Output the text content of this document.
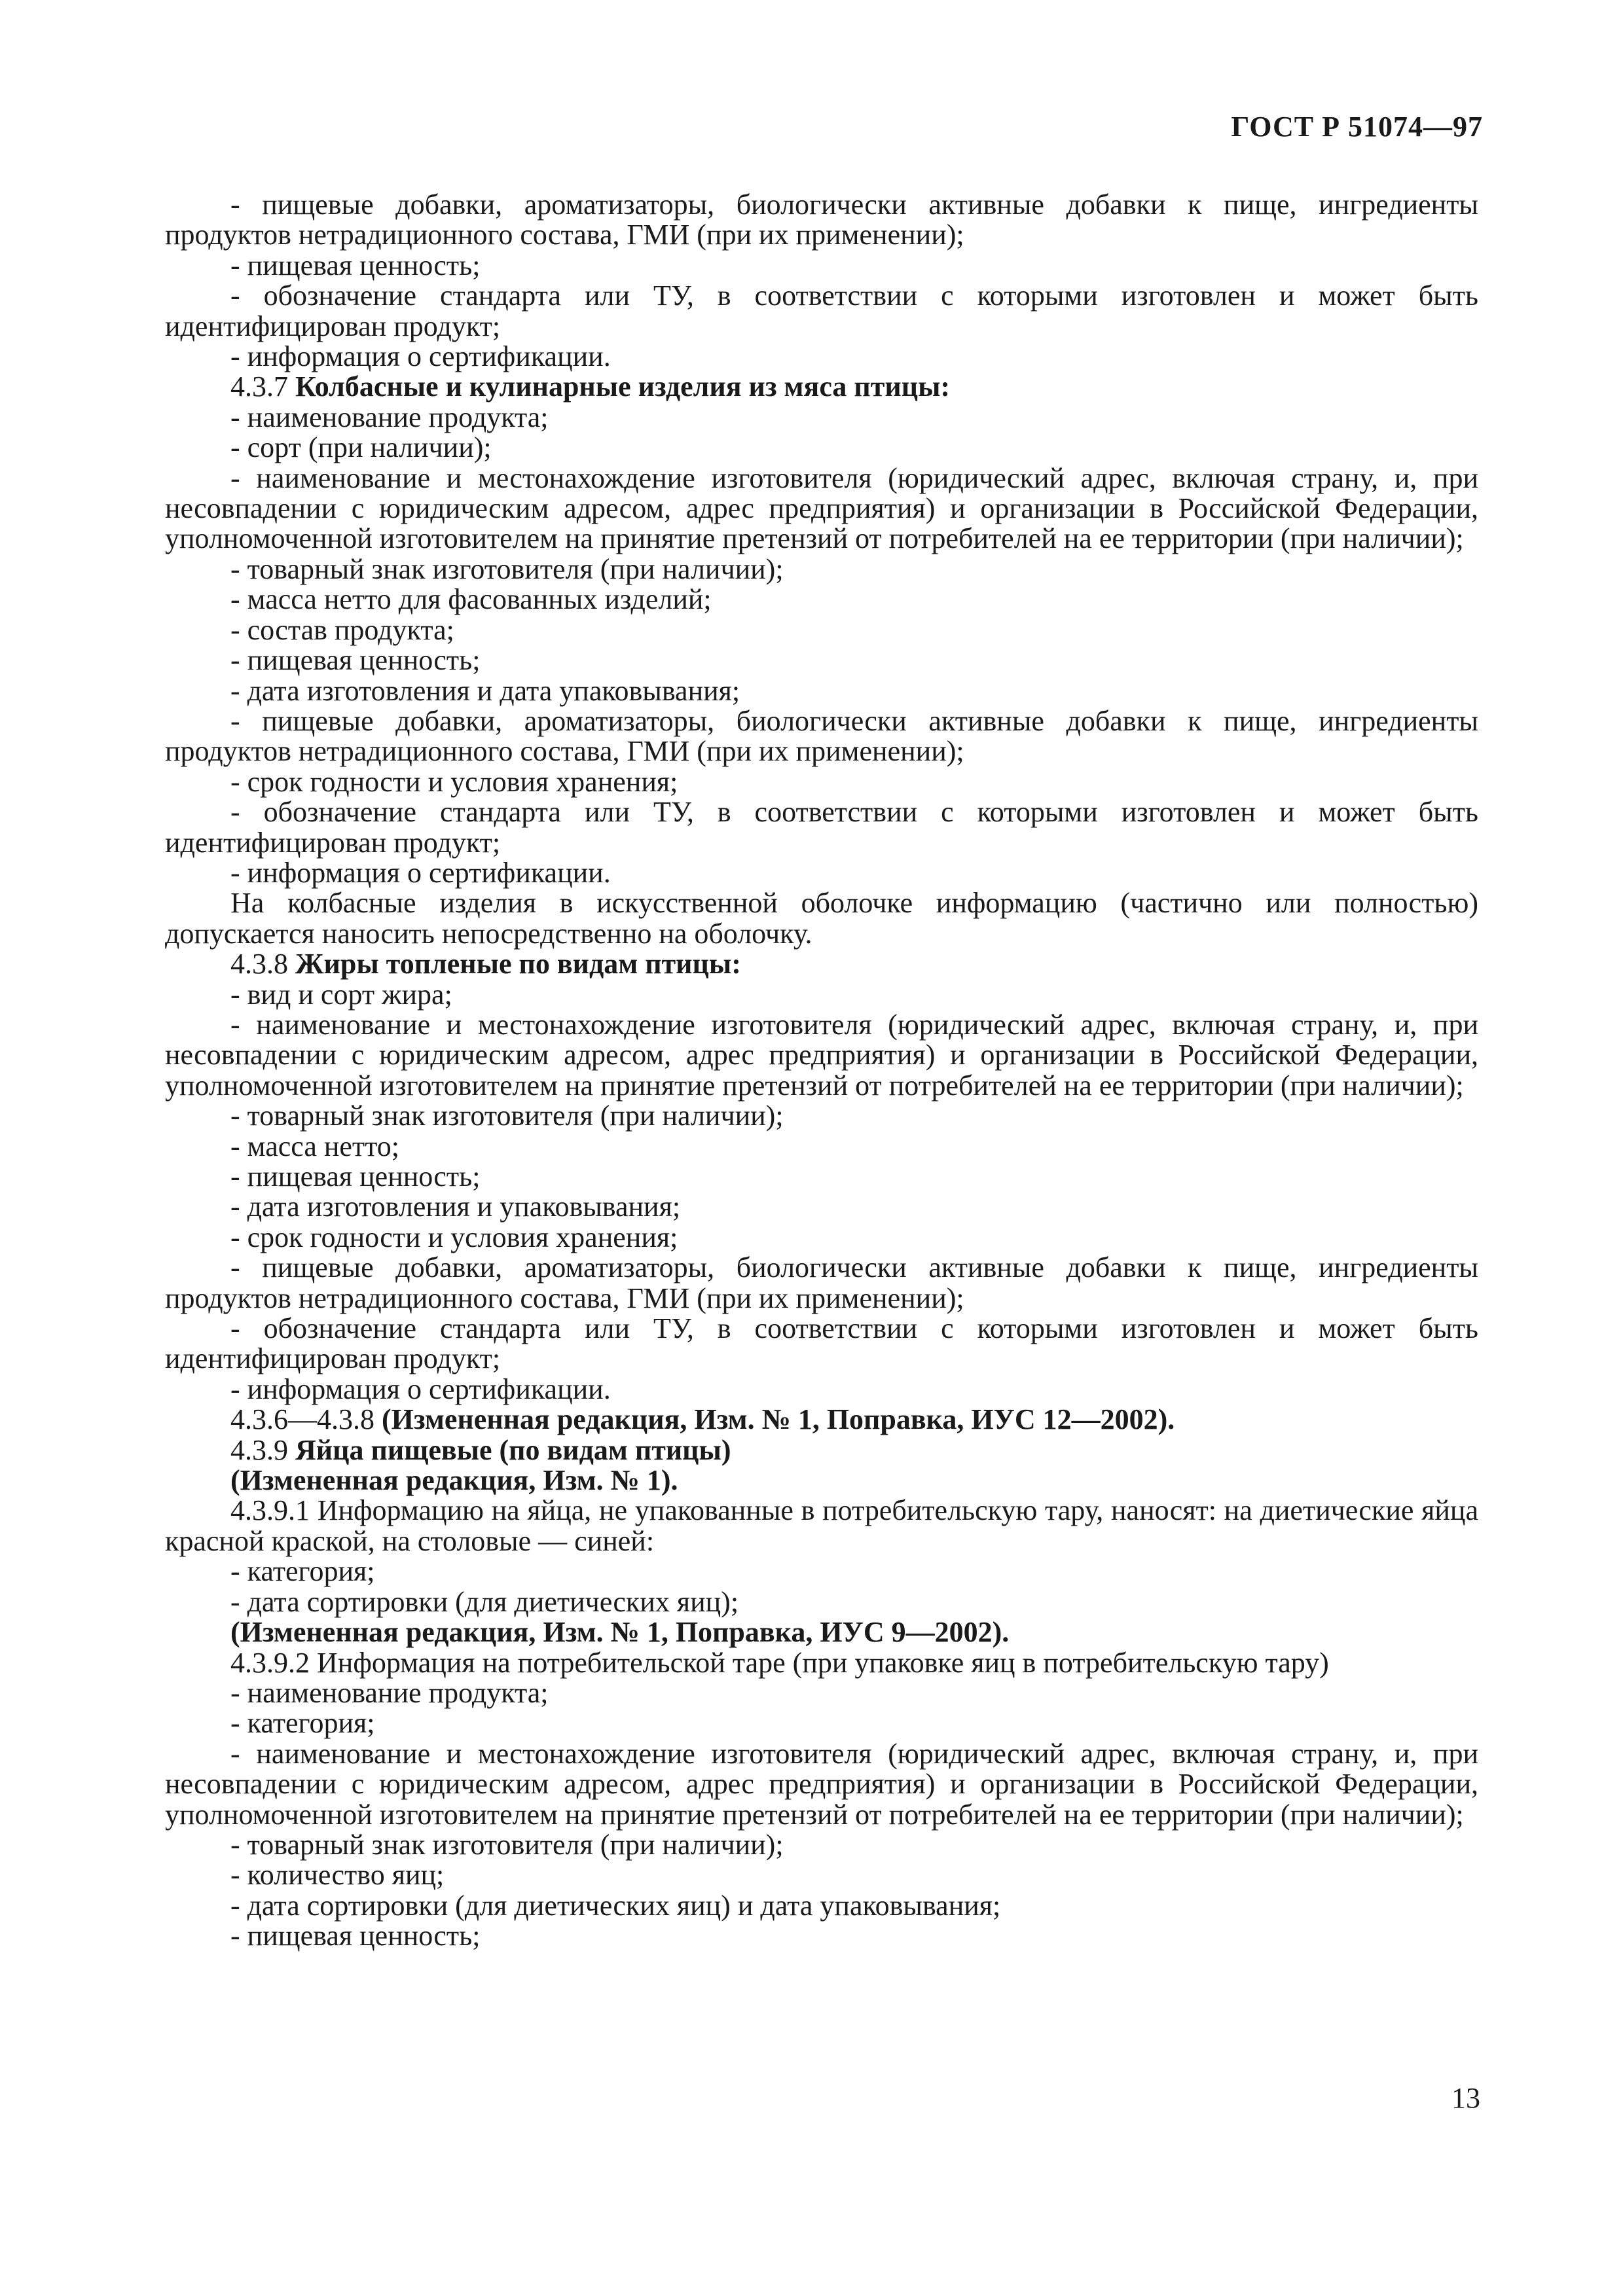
ГОСТ Р 51074—97

- пищевые добавки, ароматизаторы, биологически активные добавки к пище, ингредиенты продуктов нетрадиционного состава, ГМИ (при их применении);

- пищевая ценность;

- обозначение стандарта или ТУ, в соответствии с которыми изготовлен и может быть идентифицирован продукт;

- информация о сертификации.

4.3.7 Колбасные и кулинарные изделия из мяса птицы:

- наименование продукта;

- сорт (при наличии);

- наименование и местонахождение изготовителя (юридический адрес, включая страну, и, при несовпадении с юридическим адресом, адрес предприятия) и организации в Российской Федерации, уполномоченной изготовителем на принятие претензий от потребителей на ее территории (при наличии);

- товарный знак изготовителя (при наличии);

- масса нетто для фасованных изделий;

- состав продукта;

- пищевая ценность;

- дата изготовления и дата упаковывания;

- пищевые добавки, ароматизаторы, биологически активные добавки к пище, ингредиенты продуктов нетрадиционного состава, ГМИ (при их применении);

- срок годности и условия хранения;

- обозначение стандарта или ТУ, в соответствии с которыми изготовлен и может быть идентифицирован продукт;

- информация о сертификации.

На колбасные изделия в искусственной оболочке информацию (частично или полностью) допускается наносить непосредственно на оболочку.

4.3.8 Жиры топленые по видам птицы:

- вид и сорт жира;

- наименование и местонахождение изготовителя (юридический адрес, включая страну, и, при несовпадении с юридическим адресом, адрес предприятия) и организации в Российской Федерации, уполномоченной изготовителем на принятие претензий от потребителей на ее территории (при наличии);

- товарный знак изготовителя (при наличии);

- масса нетто;

- пищевая ценность;

- дата изготовления и упаковывания;

- срок годности и условия хранения;

- пищевые добавки, ароматизаторы, биологически активные добавки к пище, ингредиенты продуктов нетрадиционного состава, ГМИ (при их применении);

- обозначение стандарта или ТУ, в соответствии с которыми изготовлен и может быть идентифицирован продукт;

- информация о сертификации.

4.3.6—4.3.8 (Измененная редакция, Изм. № 1, Поправка, ИУС 12—2002).

4.3.9 Яйца пищевые (по видам птицы)

(Измененная редакция, Изм. № 1).

4.3.9.1 Информацию на яйца, не упакованные в потребительскую тару, наносят: на диетические яйца красной краской, на столовые — синей:

- категория;

- дата сортировки (для диетических яиц);

(Измененная редакция, Изм. № 1, Поправка, ИУС 9—2002).

4.3.9.2 Информация на потребительской таре (при упаковке яиц в потребительскую тару)

- наименование продукта;

- категория;

- наименование и местонахождение изготовителя (юридический адрес, включая страну, и, при несовпадении с юридическим адресом, адрес предприятия) и организации в Российской Федерации, уполномоченной изготовителем на принятие претензий от потребителей на ее территории (при наличии);

- товарный знак изготовителя (при наличии);

- количество яиц;

- дата сортировки (для диетических яиц) и дата упаковывания;

- пищевая ценность;

13
